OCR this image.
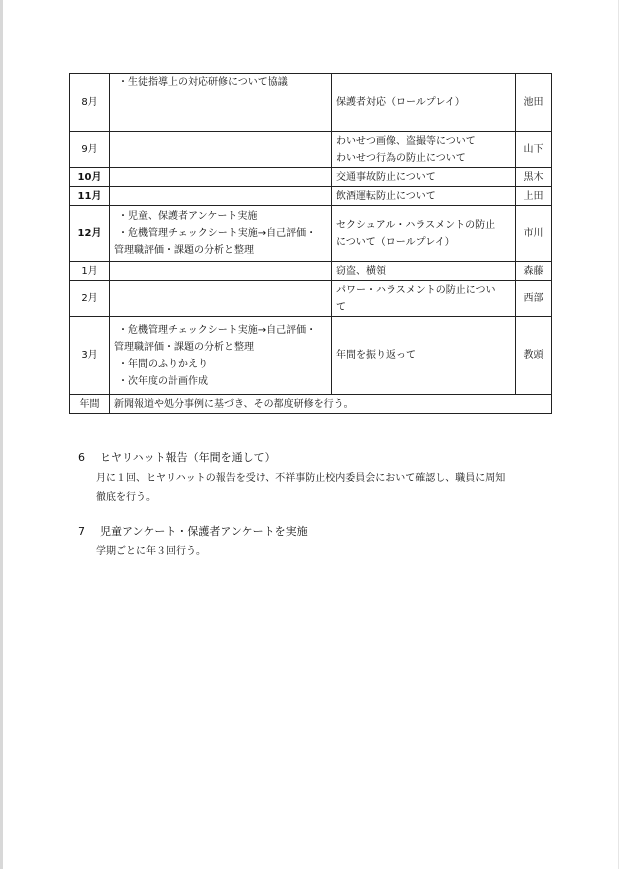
8月	・生徒指導上の対応研修について協議	保護者対応（ロールプレイ）	池田
9月		わいせつ画像、盗撮等について
わいせつ行為の防止について	山下
10月		交通事故防止について	黒木
11月		飲酒運転防止について	上田
12月	・児童、保護者アンケート実施
・危機管理チェックシート実施→自己評価・
管理職評価・課題の分析と整理	セクシュアル・ハラスメントの防止
について（ロールプレイ）	市川
1月		窃盗、横領	森藤
2月		パワー・ハラスメントの防止につい
て	西部
3月	・危機管理チェックシート実施→自己評価・
管理職評価・課題の分析と整理
・年間のふりかえり
・次年度の計画作成	年間を振り返って	教頭
年間	新聞報道や処分事例に基づき、その都度研修を行う。		
6 ヒヤリハット報告（年間を通して）
月に１回、ヒヤリハットの報告を受け、不祥事防止校内委員会において確認し、職員に周知
徹底を行う。
7 児童アンケート・保護者アンケートを実施
学期ごとに年３回行う。
